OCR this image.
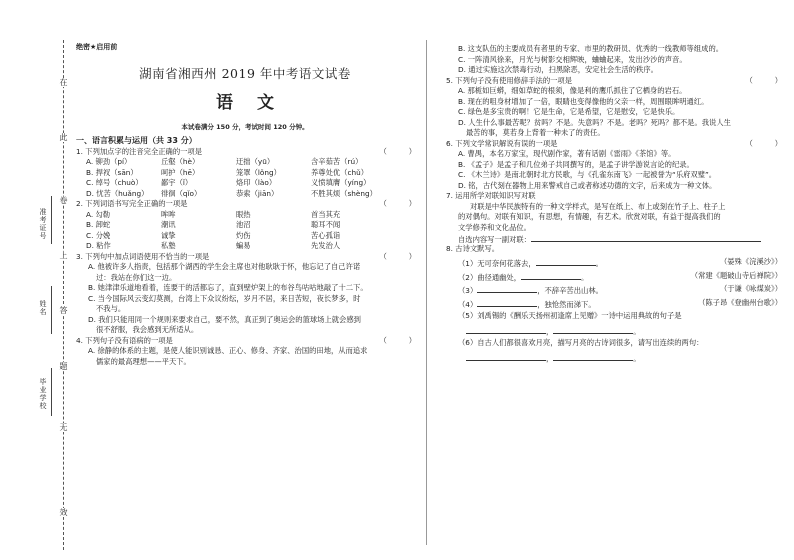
在
此
卷
上
答
题
无
效
准考证号
姓名
毕业学校
绝密★启用前
湖南省湘西州 2019 年中考语文试卷
语 文
本试卷满分 150 分，考试时间 120 分钟。
一、语言积累与运用（共 33 分）
1. 下列加点字的注音完全正确的一项是	（　　　）
A. 铆劲（pí）	丘壑（hè）	迂拙（yū）	含辛茹苦（rú）
B. 捍衩（sān）	呵护（hē）	笼罩（lǒng）	养尊处优（chǔ）
C. 绰号（chuò）	鄙宇（ǐ）	烙印（lào）	义愤填膺（yíng）
D. 忧苦（huǎng）	徘徊（qǐo）	恭索（jiān）	不胜其烦（shèng）
2. 下列词语书写完全正确的一项是	（　　　）
A. 勾勒	哞哞	眼热	首当其充
B. 卸蛇	潮讯	池沼	聪耳不闻
C. 分娩	诚挚	灼伤	苦心孤诣
D. 粘作	私塾	蝙易	先发治人
3. 下列句中加点词语使用不恰当的一项是	（　　　）
A. 他被许多人指责，包括那个湖西的学生会主席也对他耿耿于怀，他忘记了自己许诺
过：我站在你们这一边。
B. 她津津乐道地看着，连要干的活都忘了，直到壁炉架上的布谷鸟咕咕地敲了十二下。
C. 当今国际风云变幻莫测，台湾上下众议纷纭，岁月不居，来日苦短，夜长梦多，时
不我与。
D. 我们只能用同一个规则来要求自己，要不然，真正到了奥运会的篮球场上就会感到
很不舒服，我会感到无所适从。
4. 下列句子没有语病的一项是	（　　　）
A. 徐静的体系的主题，是使人能识别诚恳、正心、修身、齐家、治国的田地，从而追求
儒家的最高理想——平天下。
B. 这支队伍的主要成员有者里的专家、市里的教研员、优秀的一线教师等组成的。
C. 一阵清风徐来，月光与树影交相辉映，蛐蛐起来，发出沙沙的声音。
D. 通过实施这次禁毒行动，扫黑除恶，安定社会生活的秩序。
5. 下列句子没有使用修辞手法的一项是	（　　　）
A. 那栀如巨蟒，细如草蛇的根须，像是利的鹰爪抓住了它栖身的岩石。
B. 现在的咀身材增加了一倍，眼睛也变得像他的父亲一样，周围眼眸明通红。
C. 绿色是多宝贵的啊！它是生命，它是希望，它是慰安，它是快乐。
D. 人生什么事最苦呢？贫吗？不是。失意吗？不是。老吗？死吗？都不是。我说人生
最苦的事，莫若身上背着一种未了的责任。
6. 下列文学常识解说有误的一项是	（　　　）
A. 曹禺，本名万家宝，现代剧作家，著有话剧《雷雨》《茶馆》等。
B. 《孟子》是孟子和几位弟子共同撰写的，是孟子讲学游说言论的纪录。
C. 《木兰诗》是南北朝时北方民歌，与《孔雀东南飞》一起被誉为“乐府双璧”。
D. 铭，古代刻在器物上用来警戒自己或者称述功德的文字，后来成为一种文体。
7. 运用所学对联知识写对联
对联是中华民族特有的一种文学样式，是写在纸上、布上或刻在竹子上、柱子上
的对偶句。对联有知识，有思想，有情趣，有艺术。欣赏对联，有益于提高我们的
文学修养和文化品位。
自选内容写一副对联：
8. 古诗文默写。
（1）无可奈何花落去，	。	（晏殊《浣溪沙》）
（2）曲径通幽处，	。	（常建《题破山寺后禅院》）
（3）	，不辞辛苦出山林。	（于谦《咏煤炭》）
（4）	，独怆然而涕下。	（陈子昂《登幽州台歌》）
（5）刘禹锡的《酬乐天扬州初逢席上见赠》一诗中运用典故的句子是
，	。
（6）自古人们都很喜欢月亮，描写月亮的古诗词很多，请写出连续的两句：
，	。
